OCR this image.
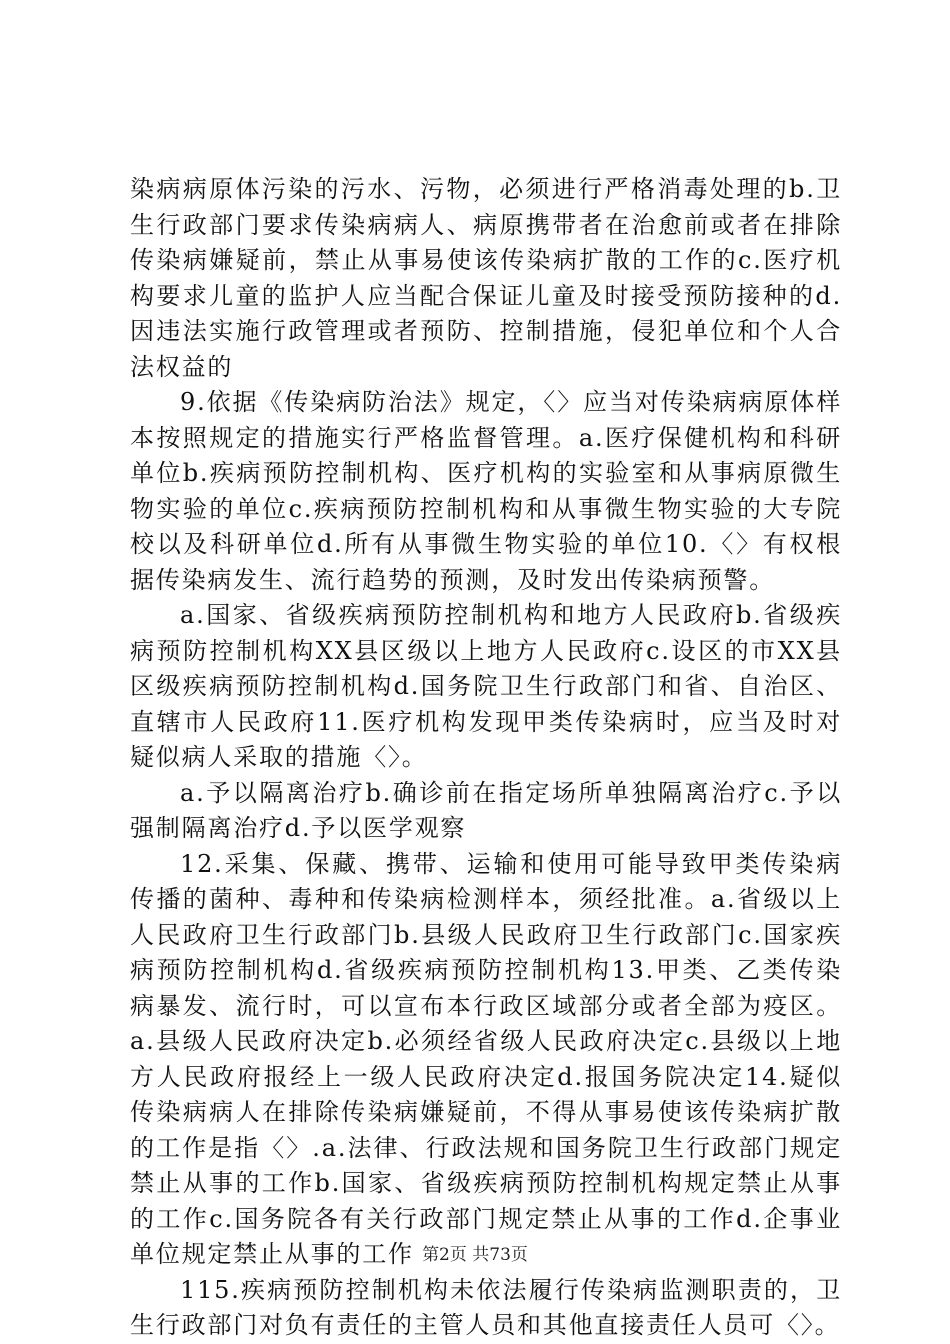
染病病原体污染的污水、污物，必须进行严格消毒处理的b.卫生行政部门要求传染病病人、病原携带者在治愈前或者在排除传染病嫌疑前，禁止从事易使该传染病扩散的工作的c.医疗机构要求儿童的监护人应当配合保证儿童及时接受预防接种的d.因违法实施行政管理或者预防、控制措施，侵犯单位和个人合法权益的

9.依据《传染病防治法》规定，〈〉应当对传染病病原体样本按照规定的措施实行严格监督管理。a.医疗保健机构和科研单位b.疾病预防控制机构、医疗机构的实验室和从事病原微生物实验的单位c.疾病预防控制机构和从事微生物实验的大专院校以及科研单位d.所有从事微生物实验的单位10.〈〉有权根据传染病发生、流行趋势的预测，及时发出传染病预警。

a.国家、省级疾病预防控制机构和地方人民政府b.省级疾病预防控制机构XX县区级以上地方人民政府c.设区的市XX县区级疾病预防控制机构d.国务院卫生行政部门和省、自治区、直辖市人民政府11.医疗机构发现甲类传染病时，应当及时对疑似病人采取的措施〈〉。

a.予以隔离治疗b.确诊前在指定场所单独隔离治疗c.予以强制隔离治疗d.予以医学观察

12.采集、保藏、携带、运输和使用可能导致甲类传染病传播的菌种、毒种和传染病检测样本，须经批准。a.省级以上人民政府卫生行政部门b.县级人民政府卫生行政部门c.国家疾病预防控制机构d.省级疾病预防控制机构13.甲类、乙类传染病暴发、流行时，可以宣布本行政区域部分或者全部为疫区。a.县级人民政府决定b.必须经省级人民政府决定c.县级以上地方人民政府报经上一级人民政府决定d.报国务院决定14.疑似传染病病人在排除传染病嫌疑前，不得从事易使该传染病扩散的工作是指〈〉.a.法律、行政法规和国务院卫生行政部门规定禁止从事的工作b.国家、省级疾病预防控制机构规定禁止从事的工作c.国务院各有关行政部门规定禁止从事的工作d.企事业单位规定禁止从事的工作

115.疾病预防控制机构未依法履行传染病监测职责的，卫生行政部门对负有责任的主管人员和其他直接责任人员可〈〉。

第2页 共73页
